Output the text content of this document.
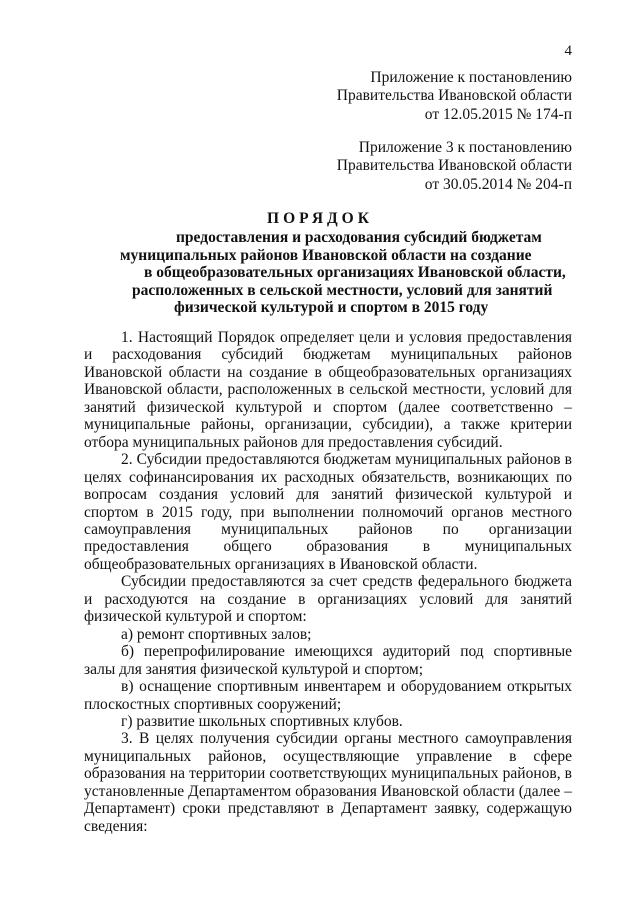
4
Приложение к постановлению
Правительства Ивановской области
от 12.05.2015 № 174-п
Приложение 3 к постановлению
Правительства Ивановской области
от 30.05.2014 № 204-п
ПОРЯДОК
предоставления и расходования субсидий бюджетам
муниципальных районов Ивановской области на создание
в общеобразовательных организациях Ивановской области,
расположенных в сельской местности, условий для занятий
физической культурой и спортом в 2015 году

1. Настоящий Порядок определяет цели и условия предоставления и расходования субсидий бюджетам муниципальных районов Ивановской области на создание в общеобразовательных организациях Ивановской области, расположенных в сельской местности, условий для занятий физической культурой и спортом (далее соответственно – муниципальные районы, организации, субсидии), а также критерии отбора муниципальных районов для предоставления субсидий.

2. Субсидии предоставляются бюджетам муниципальных районов в целях софинансирования их расходных обязательств, возникающих по вопросам создания условий для занятий физической культурой и спортом в 2015 году, при выполнении полномочий органов местного самоуправления муниципальных районов по организации предоставления общего образования в муниципальных общеобразовательных организациях в Ивановской области.

Субсидии предоставляются за счет средств федерального бюджета и расходуются на создание в организациях условий для занятий физической культурой и спортом:

а) ремонт спортивных залов;

б) перепрофилирование имеющихся аудиторий под спортивные залы для занятия физической культурой и спортом;

в) оснащение спортивным инвентарем и оборудованием открытых плоскостных спортивных сооружений;

г) развитие школьных спортивных клубов.

3. В целях получения субсидии органы местного самоуправления муниципальных районов, осуществляющие управление в сфере образования на территории соответствующих муниципальных районов, в установленные Департаментом образования Ивановской области (далее – Департамент) сроки представляют в Департамент заявку, содержащую сведения:
